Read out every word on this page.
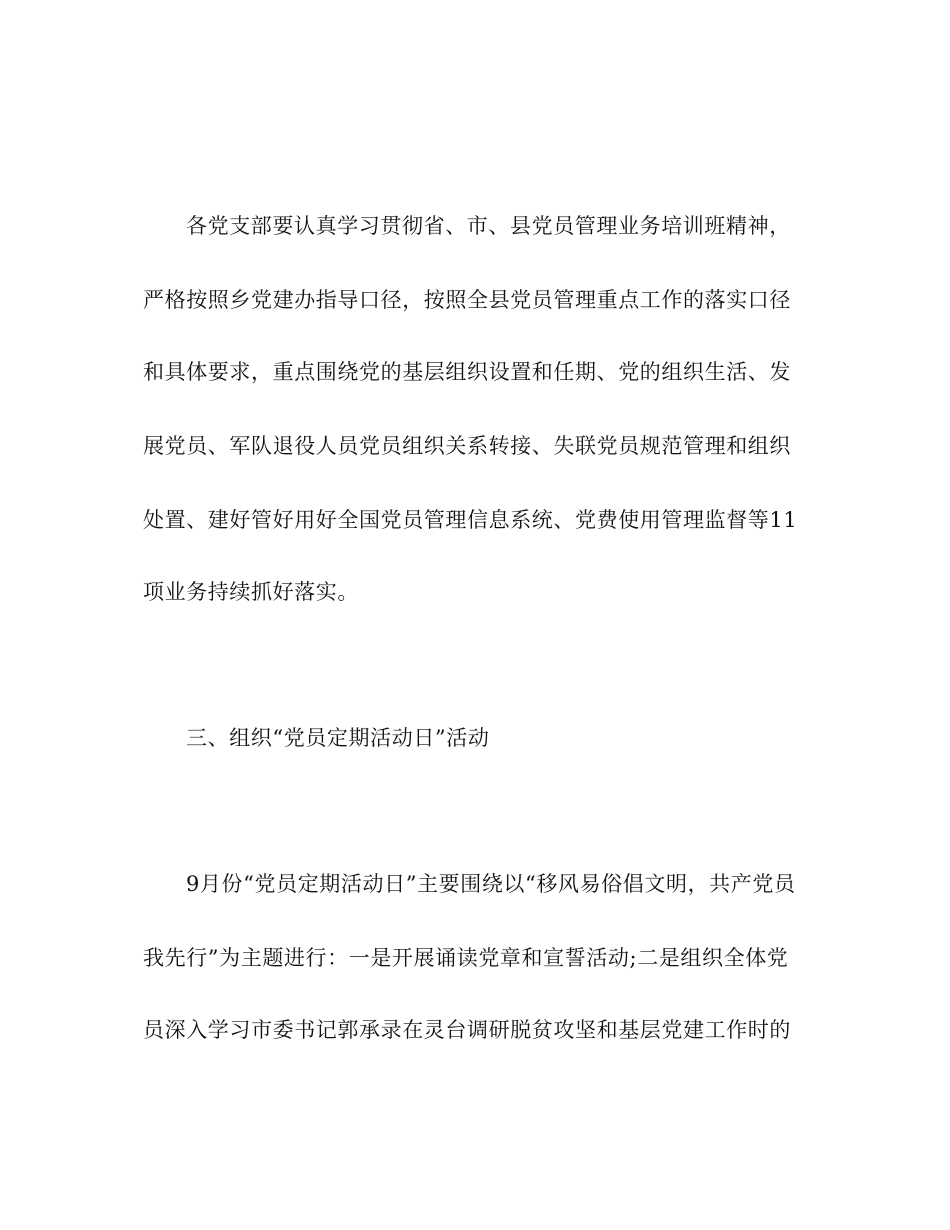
各党支部要认真学习贯彻省、市、县党员管理业务培训班精神，
严格按照乡党建办指导口径，按照全县党员管理重点工作的落实口径
和具体要求，重点围绕党的基层组织设置和任期、党的组织生活、发
展党员、军队退役人员党员组织关系转接、失联党员规范管理和组织
处置、建好管好用好全国党员管理信息系统、党费使用管理监督等11
项业务持续抓好落实。
三、组织“党员定期活动日”活动
9月份“党员定期活动日”主要围绕以“移风易俗倡文明，共产党员
我先行”为主题进行：一是开展诵读党章和宣誓活动;二是组织全体党
员深入学习市委书记郭承录在灵台调研脱贫攻坚和基层党建工作时的
